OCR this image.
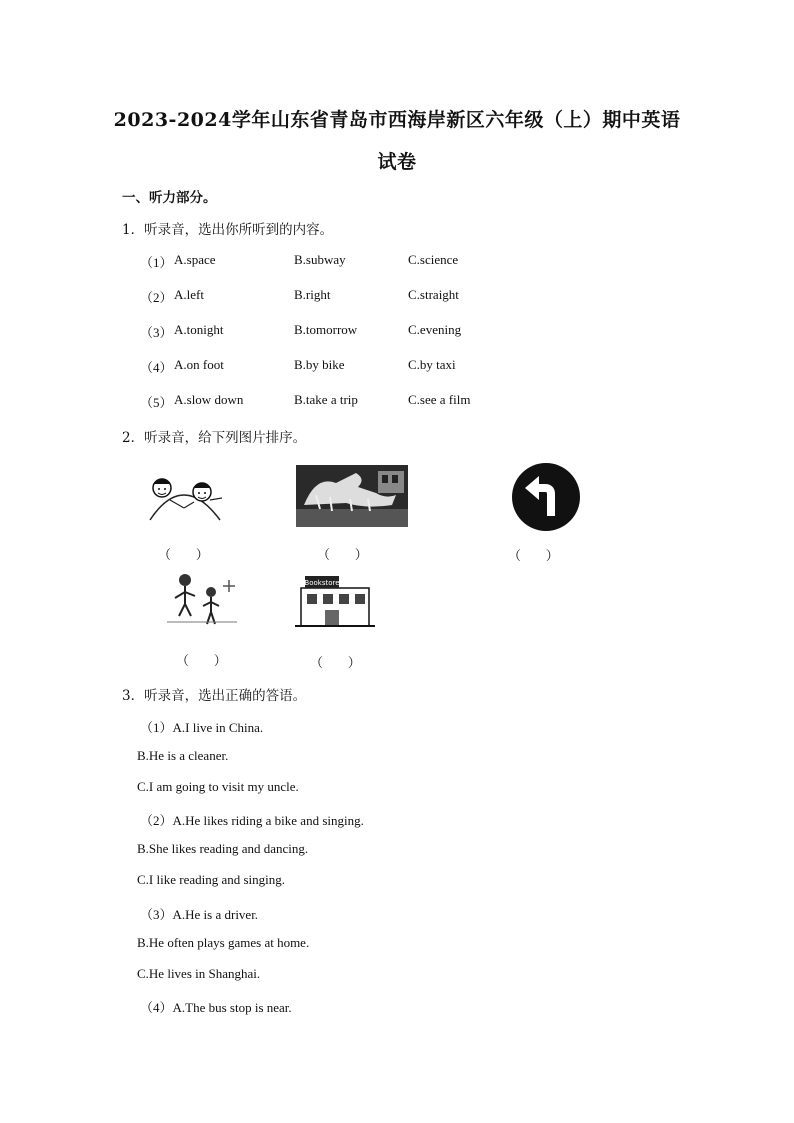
2023-2024学年山东省青岛市西海岸新区六年级（上）期中英语
试卷
一、听力部分。
1．听录音，选出你所听到的内容。
（1） A.space	B.subway	C.science
（2） A.left	B.right	C.straight
（3） A.tonight	B.tomorrow	C.evening
（4） A.on foot	B.by bike	C.by taxi
（5） A.slow down	B.take a trip	C.see a film
2．听录音，给下列图片排序。
（      ）	（      ）	（      ）
Bookstore
（      ）	（      ）
3．听录音，选出正确的答语。
（1）A.I live in China.
B.He is a cleaner.
C.I am going to visit my uncle.
（2）A.He likes riding a bike and singing.
B.She likes reading and dancing.
C.I like reading and singing.
（3）A.He is a driver.
B.He often plays games at home.
C.He lives in Shanghai.
（4）A.The bus stop is near.
